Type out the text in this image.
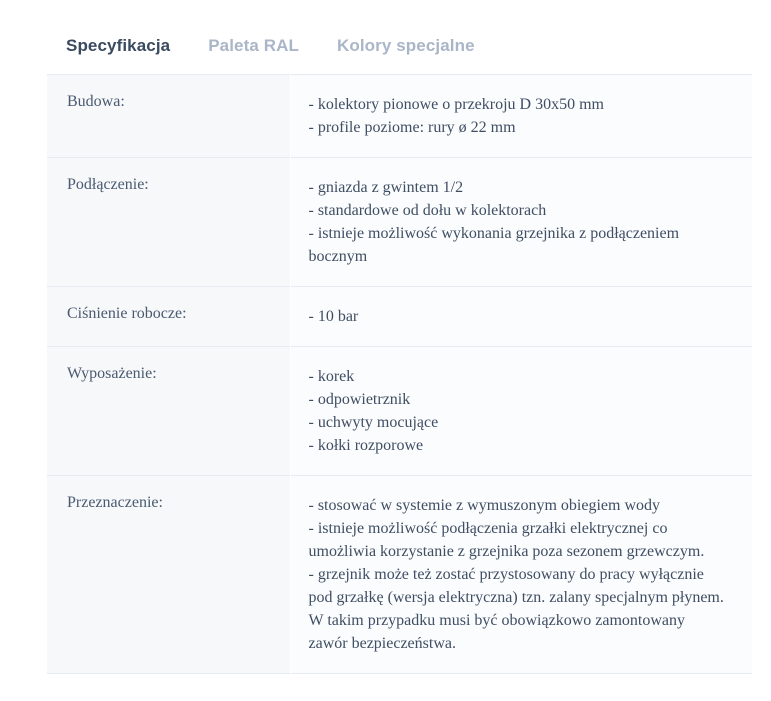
Specyfikacja Paleta RAL Kolory specjalne
Budowa:	- kolektory pionowe o przekroju D 30x50 mm
- profile poziome: rury ø 22 mm

Podłączenie:	- gniazda z gwintem 1/2
- standardowe od dołu w kolektorach
- istnieje możliwość wykonania grzejnika z podłączeniem bocznym

Ciśnienie robocze:	- 10 bar

Wyposażenie:	- korek
- odpowietrznik
- uchwyty mocujące
- kołki rozporowe

Przeznaczenie:	- stosować w systemie z wymuszonym obiegiem wody
- istnieje możliwość podłączenia grzałki elektrycznej co umożliwia korzystanie z grzejnika poza sezonem grzewczym.
- grzejnik może też zostać przystosowany do pracy wyłącznie pod grzałkę (wersja elektryczna) tzn. zalany specjalnym płynem. W takim przypadku musi być obowiązkowo zamontowany zawór bezpieczeństwa.
